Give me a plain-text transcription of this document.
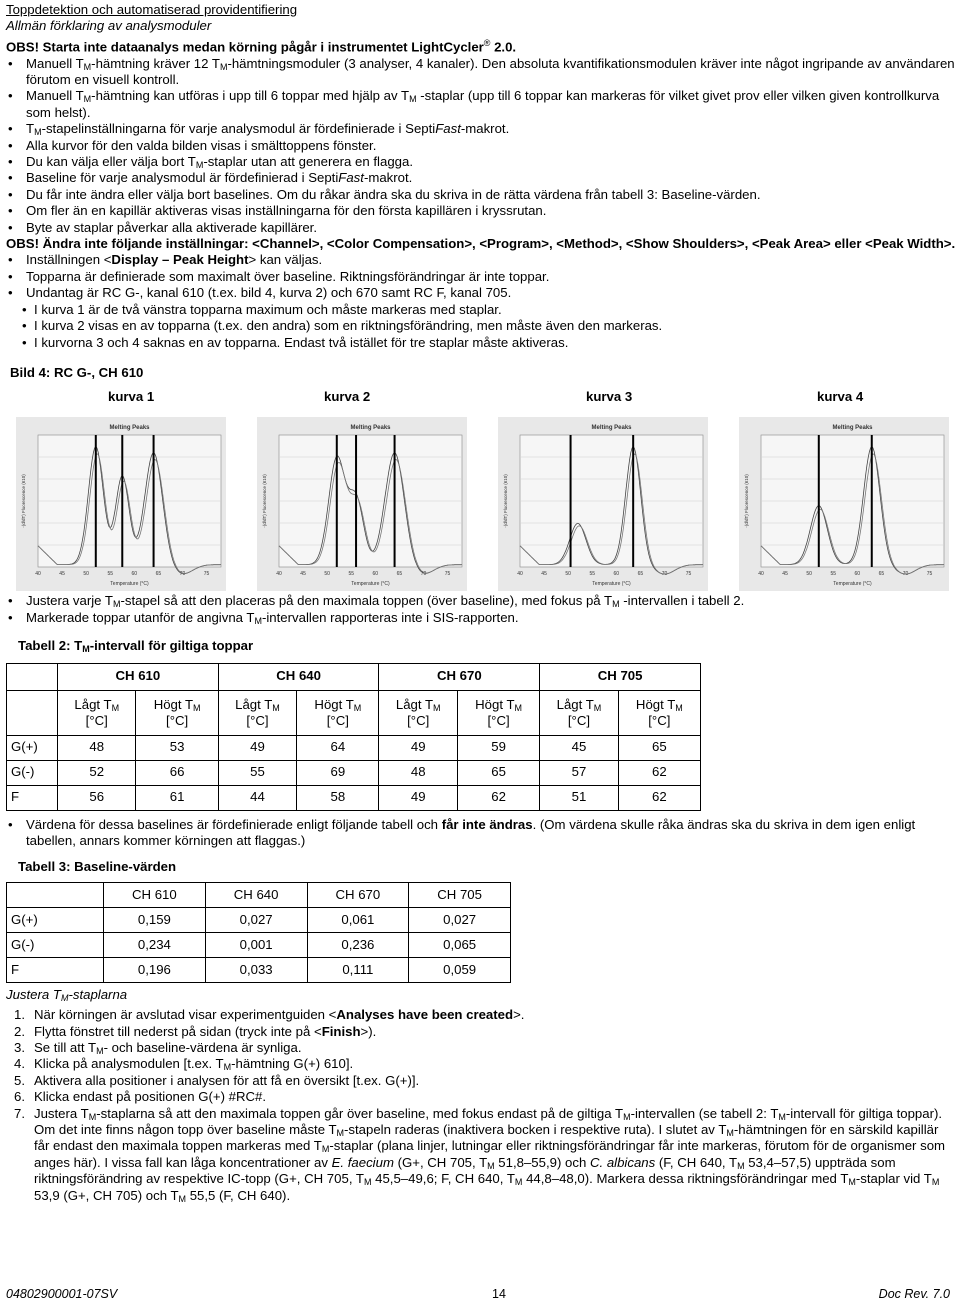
Toppdetektion och automatiserad providentifiering

Allmän förklaring av analysmoduler

OBS! Starta inte dataanalys medan körning pågår i instrumentet LightCycler® 2.0.

• Manuell $T_M$-hämtning kräver 12 $T_M$-hämtningsmoduler (3 analyser, 4 kanaler). Den absoluta kvantifikationsmodulen kräver inte något ingripande av användaren förutom en visuell kontroll.
• Manuell $T_M$-hämtning kan utföras i upp till 6 toppar med hjälp av $T_M$ -staplar (upp till 6 toppar kan markeras för vilket givet prov eller vilken given kontrollkurva som helst).
• $T_M$-stapelinställningarna för varje analysmodul är fördefinierade i SeptiFast-makrot.
• Alla kurvor för den valda bilden visas i smälttoppens fönster.
• Du kan välja eller välja bort $T_M$-staplar utan att generera en flagga.
• Baseline för varje analysmodul är fördefinierad i SeptiFast-makrot.
• Du får inte ändra eller välja bort baselines. Om du råkar ändra ska du skriva in de rätta värdena från tabell 3: Baseline-värden.
• Om fler än en kapillär aktiveras visas inställningarna för den första kapillären i kryssrutan.
• Byte av staplar påverkar alla aktiverade kapillärer.

OBS! Ändra inte följande inställningar: <Channel>, <Color Compensation>, <Program>, <Method>, <Show Shoulders>, <Peak Area> eller <Peak Width>.

• Inställningen <Display – Peak Height> kan väljas.
• Topparna är definierade som maximalt över baseline. Riktningsförändringar är inte toppar.
• Undantag är RC G-, kanal 610 (t.ex. bild 4, kurva 2) och 670 samt RC F, kanal 705.
• I kurva 1 är de två vänstra topparna maximum och måste markeras med staplar.
• I kurva 2 visas en av topparna (t.ex. den andra) som en riktningsförändring, men måste även den markeras.
• I kurvorna 3 och 4 saknas en av topparna. Endast två istället för tre staplar måste aktiveras.

Bild 4: RC G-, CH 610

kurva 1	kurva 2	kurva 3	kurva 4
Melting Peaks
40	45	50	55	60	65	70	75
Temperature (°C)
-(d/dT) Fluorescence (610)
Melting Peaks
40	45	50	55	60	65	70	75
Temperature (°C)
-(d/dT) Fluorescence (610)
Melting Peaks
40	45	50	55	60	65	70	75
Temperature (°C)
-(d/dT) Fluorescence (610)
Melting Peaks
40	45	50	55	60	65	70	75
Temperature (°C)
-(d/dT) Fluorescence (610)
• Justera varje $T_M$-stapel så att den placeras på den maximala toppen (över baseline), med fokus på $T_M$ -intervallen i tabell 2.
• Markerade toppar utanför de angivna $T_M$-intervallen rapporteras inte i SIS-rapporten.

Tabell 2: $T_M$-intervall för giltiga toppar

	CH 610		CH 640		CH 670		CH 705	
	Lågt $T_M$
[°C]	Högt $T_M$
[°C]	Lågt $T_M$
[°C]	Högt $T_M$
[°C]	Lågt $T_M$
[°C]	Högt $T_M$
[°C]	Lågt $T_M$
[°C]	Högt $T_M$
[°C]
G(+)	48	53	49	64	49	59	45	65
G(-)	52	66	55	69	48	65	57	62
F	56	61	44	58	49	62	51	62
• Värdena för dessa baselines är fördefinierade enligt följande tabell och får inte ändras. (Om värdena skulle råka ändras ska du skriva in dem igen enligt tabellen, annars kommer körningen att flaggas.)

Tabell 3: Baseline-värden

	CH 610	CH 640	CH 670	CH 705
G(+)	0,159	0,027	0,061	0,027
G(-)	0,234	0,001	0,236	0,065
F	0,196	0,033	0,111	0,059

Justera $T_M$-staplarna

1. När körningen är avslutad visar experimentguiden <Analyses have been created>.
2. Flytta fönstret till nederst på sidan (tryck inte på <Finish>).
3. Se till att $T_M-$ och baseline-värdena är synliga.
4. Klicka på analysmodulen [t.ex. $T_M$-hämtning G(+) 610].
5. Aktivera alla positioner i analysen för att få en översikt [t.ex. G(+)].
6. Klicka endast på positionen G(+) #RC#.
7. Justera $T_M$-staplarna så att den maximala toppen går över baseline, med fokus endast på de giltiga $T_M$-intervallen (se tabell 2: $T_M$-intervall för giltiga toppar).
Om det inte finns någon topp över baseline måste $T_M$-stapeln raderas (inaktivera bocken i respektive ruta). I slutet av $T_M$-hämtningen för en särskild kapillär får endast den maximala toppen markeras med $T_M$-staplar (plana linjer, lutningar eller riktningsförändringar får inte markeras, förutom för de organismer som anges här). I vissa fall kan låga koncentrationer av E. faecium (G+, CH 705, $T_M$ 51,8–55,9) och C. albicans (F, CH 640, $T_M$ 53,4–57,5) uppträda som riktningsförändring av respektive IC-topp (G+, CH 705, $T_M$ 45,5–49,6; F, CH 640, $T_M$ 44,8–48,0). Markera dessa riktningsförändringar med $T_M$-staplar vid $T_M$ 53,9 (G+, CH 705) och $T_M$ 55,5 (F, CH 640).
04802900001-07SV	14	Doc Rev. 7.0
